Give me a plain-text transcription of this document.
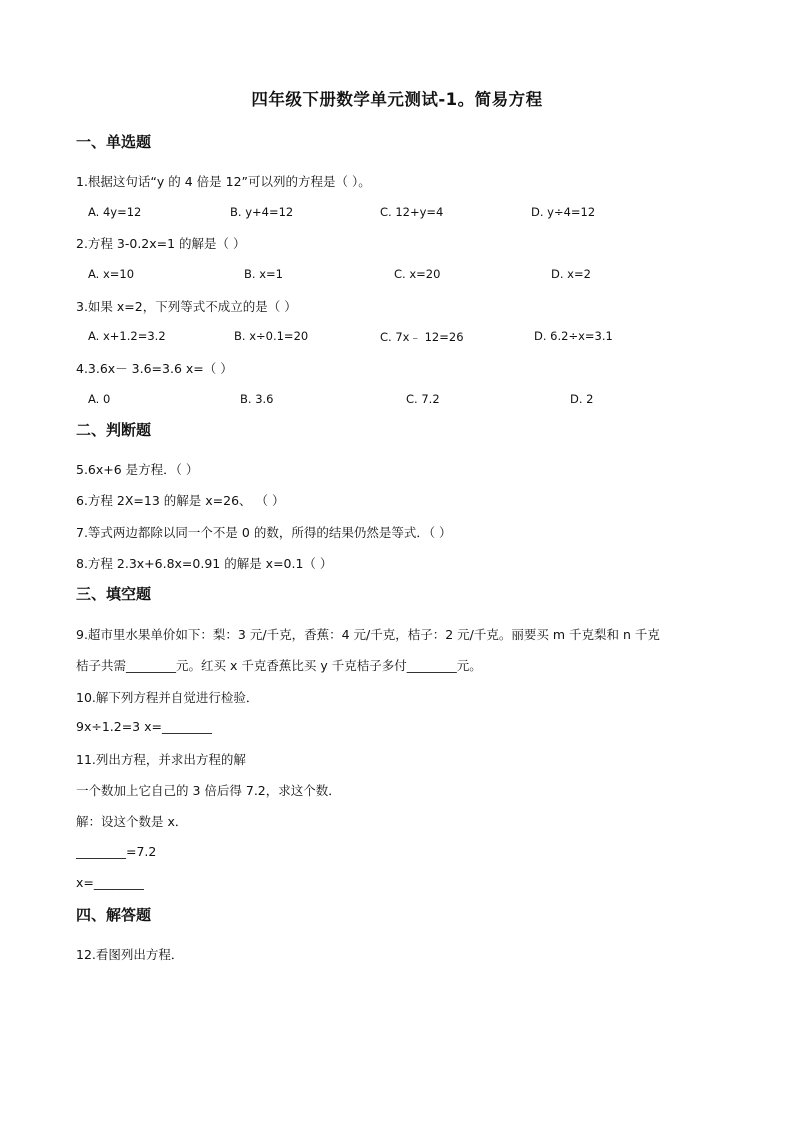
四年级下册数学单元测试-1。简易方程
一、单选题
1.根据这句话“y 的 4 倍是 12”可以列的方程是（ ）。
A. 4y=12	B. y+4=12	C. 12+y=4	D. y÷4=12
2.方程 3-0.2x=1 的解是（ ）
A. x=10	B. x=1	C. x=20	D. x=2
3.如果 x=2，下列等式不成立的是（ ）
A. x+1.2=3.2	B. x÷0.1=20	C. 7x﹣ 12=26	D. 6.2÷x=3.1
4.3.6x－ 3.6=3.6 x=（ ）
A. 0	B. 3.6	C. 7.2	D. 2
二、判断题
5.6x+6 是方程．（ ）
6.方程 2X=13 的解是 x=26、 （ ）
7.等式两边都除以同一个不是 0 的数，所得的结果仍然是等式．（ ）
8.方程 2.3x+6.8x=0.91 的解是 x=0.1（ ）
三、填空题
9.超市里水果单价如下：梨：3 元/千克，香蕉：4 元/千克，桔子：2 元/千克。丽要买 m 千克梨和 n 千克
桔子共需________元。红买 x 千克香蕉比买 y 千克桔子多付________元。
10.解下列方程并自觉进行检验．
9x÷1.2=3 x=________
11.列出方程，并求出方程的解
一个数加上它自己的 3 倍后得 7.2，求这个数．
解：设这个数是 x．
________=7.2
x=________
四、解答题
12.看图列出方程．
